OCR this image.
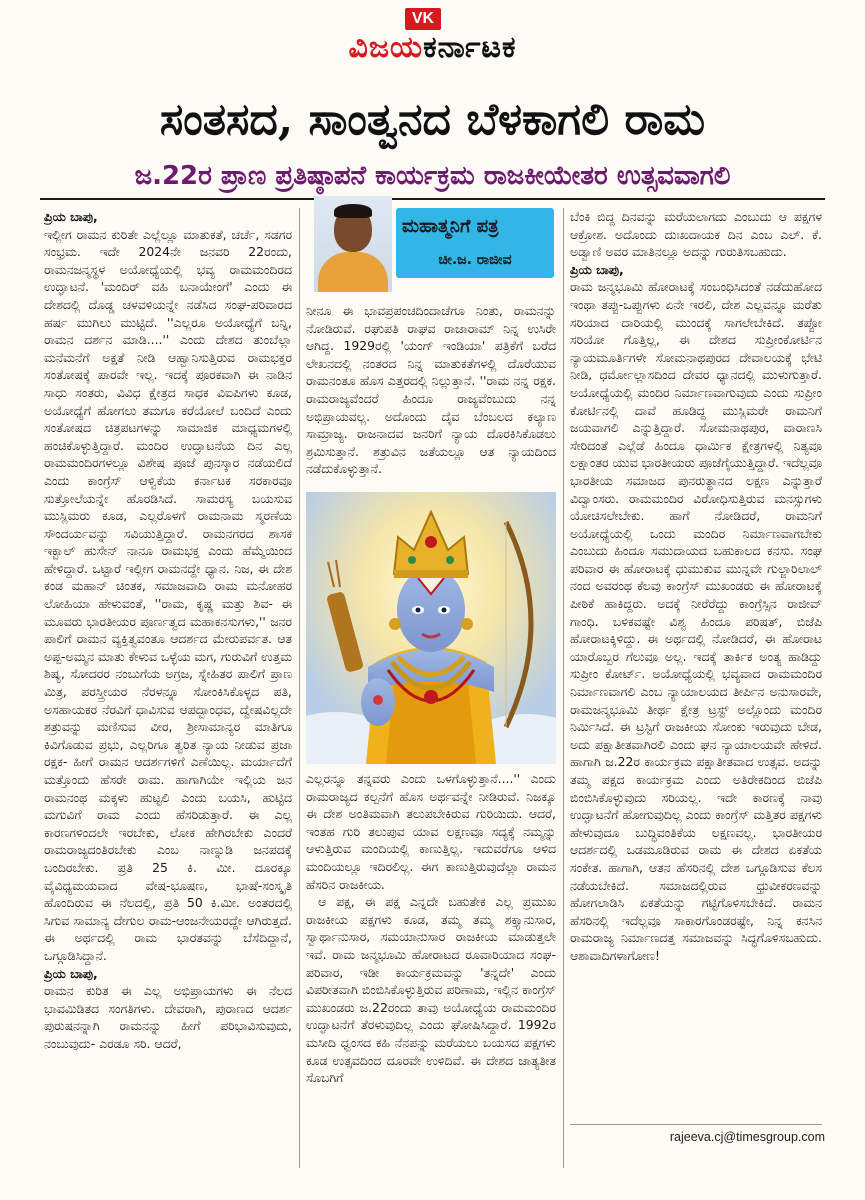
VK
ವಿಜಯಕರ್ನಾಟಕ
ಸಂತಸದ, ಸಾಂತ್ವನದ ಬೆಳಕಾಗಲಿ ರಾಮ
ಜ.22ರ ಪ್ರಾಣ ಪ್ರತಿಷ್ಠಾಪನೆ ಕಾರ್ಯಕ್ರಮ ರಾಜಕೀಯೇತರ ಉತ್ಸವವಾಗಲಿ

ಪ್ರಿಯ ಬಾಪು,

ಇಲ್ಲೀಗ ರಾಮನ ಕುರಿತೇ ಎಲ್ಲೆಲ್ಲೂ ಮಾತುಕತೆ, ಚರ್ಚೆ, ಸಡಗರ ಸಂಭ್ರಮ. ಇದೇ 2024ನೇ ಜನವರಿ 22ರಂದು, ರಾಮನಜನ್ಮಸ್ಥಳ ಅಯೋಧ್ಯೆಯಲ್ಲಿ ಭವ್ಯ ರಾಮಮಂದಿರದ ಉದ್ಘಾಟನೆ. 'ಮಂದಿರ್ ವಹಿ ಬನಾಯೇಂಗೆ' ಎಂದು ಈ ದೇಶದಲ್ಲಿ ದೊಡ್ಡ ಚಳವಳಿಯನ್ನೇ ನಡೆಸಿದ ಸಂಘ-ಪರಿವಾರದ ಹರ್ಷ ಮುಗಿಲು ಮುಟ್ಟಿದೆ. ''ಎಲ್ಲರೂ ಅಯೋಧ್ಯೆಗೆ ಬನ್ನಿ, ರಾಮನ ದರ್ಶನ ಮಾಡಿ....'' ಎಂದು ದೇಶದ ತುಂಬೆಲ್ಲಾ ಮನೆಮನೆಗೆ ಅಕ್ಷತೆ ನೀಡಿ ಆಹ್ವಾನಿಸುತ್ತಿರುವ ರಾಮಭಕ್ತರ ಸಂತೋಷಕ್ಕೆ ಪಾರವೇ ಇಲ್ಲ. ಇದಕ್ಕೆ ಪೂರಕವಾಗಿ ಈ ನಾಡಿನ ಸಾಧು ಸಂತರು, ವಿವಿಧ ಕ್ಷೇತ್ರದ ಸಾಧಕ ವಿಐಪಿಗಳು ಕೂಡ, ಅಯೋಧ್ಯೆಗೆ ಹೋಗಲು ತಮಗೂ ಕರೆಯೋಲೆ ಬಂದಿದೆ ಎಂದು ಸಂತೋಷದ ಚಿತ್ರಪಟಗಳನ್ನು ಸಾಮಾಜಿಕ ಮಾಧ್ಯಮಗಳಲ್ಲಿ ಹಂಚಿಕೊಳ್ಳುತ್ತಿದ್ದಾರೆ. ಮಂದಿರ ಉದ್ಘಾಟನೆಯ ದಿನ ಎಲ್ಲ ರಾಮಮಂದಿರಗಳಲ್ಲೂ ವಿಶೇಷ ಪೂಜೆ ಪುನಸ್ಕಾರ ನಡೆಯಲಿದೆ ಎಂದು ಕಾಂಗ್ರೆಸ್ ಆಳ್ವಿಕೆಯ ಕರ್ನಾಟಕ ಸರಕಾರವೂ ಸುತ್ತೋಲೆಯನ್ನೇ ಹೊರಡಿಸಿದೆ. ಸಾಮರಸ್ಯ ಬಯಸುವ ಮುಸ್ಲಿಮರು ಕೂಡ, ಎಲ್ಲರೊಳಗೆ ರಾಮನಾಮ ಸ್ಮರಣೆಯ ಸೌಂದರ್ಯವನ್ನು ಸವಿಯುತ್ತಿದ್ದಾರೆ. ರಾಮನಗರದ ಶಾಸಕ ಇಕ್ಬಾಲ್ ಹುಸೇನ್ ನಾನೂ ರಾಮಭಕ್ತ ಎಂದು ಹೆಮ್ಮೆಯಿಂದ ಹೇಳಿದ್ದಾರೆ. ಒಟ್ಟಾರೆ ಇಲ್ಲೀಗ ರಾಮನದ್ದೇ ಧ್ಯಾನ. ನಿಜ, ಈ ದೇಶ ಕಂಡ ಮಹಾನ್ ಚಿಂತಕ, ಸಮಾಜವಾದಿ ರಾಮ ಮನೋಹರ ಲೋಹಿಯಾ ಹೇಳುವಂತೆ, ''ರಾಮ, ಕೃಷ್ಣ ಮತ್ತು ಶಿವ- ಈ ಮೂವರು ಭಾರತೀಯರ ಪೂರ್ಣತ್ವದ ಮಹಾಕನಸುಗಳು,'' ಜನರ ಪಾಲಿಗೆ ರಾಮನ ವ್ಯಕ್ತಿತ್ವವಂತೂ ಆದರ್ಶದ ಮೇರುಪರ್ವತ. ಆತ ಅಪ್ಪ-ಅಮ್ಮನ ಮಾತು ಕೇಳುವ ಒಳ್ಳೆಯ ಮಗ, ಗುರುವಿಗೆ ಉತ್ತಮ ಶಿಷ್ಯ, ಸೋದರರ ನಂಬುಗೆಯ ಅಗ್ರಜ, ಸ್ನೇಹಿತರ ಪಾಲಿಗೆ ಪ್ರಾಣ ಮಿತ್ರ, ಪರಸ್ತ್ರೀಯರ ನೆರಳನ್ನೂ ಸೋಂಕಿಸಿಕೊಳ್ಳದ ಪತಿ, ಅಸಹಾಯಕರ ನೆರವಿಗೆ ಧಾವಿಸುವ ಆಪದ್ಬಾಂಧವ, ದ್ವೇಷವಿಲ್ಲದೇ ಶತ್ರುವನ್ನು ಮಣಿಸುವ ವೀರ, ಶ್ರೀಸಾಮಾನ್ಯರ ಮಾತಿಗೂ ಕಿವಿಗೊಡುವ ಪ್ರಭು, ಎಲ್ಲರಿಗೂ ತ್ವರಿತ ನ್ಯಾಯ ನೀಡುವ ಪ್ರಜಾ ರಕ್ಷಕ- ಹೀಗೆ ರಾಮನ ಆದರ್ಶಗಳಿಗೆ ಎಣೆಯಿಲ್ಲ. ಮರ್ಯಾದೆಗೆ ಮತ್ತೊಂದು ಹೆಸರೇ ರಾಮ. ಹಾಗಾಗಿಯೇ ಇಲ್ಲಿಯ ಜನ ರಾಮನಂಥ ಮಕ್ಕಳು ಹುಟ್ಟಲಿ ಎಂದು ಬಯಸಿ, ಹುಟ್ಟಿದ ಮಗುವಿಗೆ ರಾಮ ಎಂದು ಹೆಸರಿಡುತ್ತಾರೆ. ಈ ಎಲ್ಲ ಕಾರಣಗಳಿಂದಲೇ ಇರಬೇಕು, ಲೋಕ ಹೇಗಿರಬೇಕು ಎಂದರೆ ರಾಮರಾಜ್ಯದಂತಿರಬೇಕು ಎಂಬ ನಾಣ್ನುಡಿ ಜನಪದಕ್ಕೆ ಬಂದಿರಬೇಕು. ಪ್ರತಿ 25 ಕಿ. ಮೀ. ದೂರಕ್ಕೂ ವೈವಿಧ್ಯಮಯವಾದ ವೇಷ-ಭೂಷಣ, ಭಾಷೆ-ಸಂಸ್ಕೃತಿ ಹೊಂದಿರುವ ಈ ನೆಲದಲ್ಲಿ, ಪ್ರತಿ 50 ಕಿ.ಮೀ. ಅಂತರದಲ್ಲಿ ಸಿಗುವ ಸಾಮಾನ್ಯ ದೇಗುಲ ರಾಮ-ಆಂಜನೇಯರದ್ದೇ ಆಗಿರುತ್ತದೆ. ಈ ಅರ್ಥದಲ್ಲಿ ರಾಮ ಭಾರತವನ್ನು ಬೆಸೆದಿದ್ದಾನೆ, ಒಗ್ಗೂಡಿಸಿದ್ದಾನೆ.

ಪ್ರಿಯ ಬಾಪು,

ರಾಮನ ಕುರಿತ ಈ ಎಲ್ಲ ಅಭಿಪ್ರಾಯಗಳು ಈ ನೆಲದ ಭಾವಮಿಡಿತದ ಸಂಗತಿಗಳು. ದೇವರಾಗಿ, ಪುರಾಣದ ಆದರ್ಶ ಪುರುಷನನ್ನಾಗಿ ರಾಮನನ್ನು ಹೀಗೆ ಪರಿಭಾವಿಸುವುದು, ನಂಬುವುದು- ಎರಡೂ ಸರಿ. ಆದರೆ,

ಮಹಾತ್ಮನಿಗೆ ಪತ್ರ
ಚೀ.ಜ. ರಾಜೀವ

ನೀನೂ ಈ ಭಾವಪ್ರಪಂಚದಿಂದಾಚೆಗೂ ನಿಂತು, ರಾಮನನ್ನು ನೋಡಿರುವೆ. ರಘುಪತಿ ರಾಘವ ರಾಜಾರಾಮ್ ನಿನ್ನ ಉಸಿರೇ ಆಗಿದ್ದ. 1929ರಲ್ಲಿ 'ಯಂಗ್ ಇಂಡಿಯಾ' ಪತ್ರಿಕೆಗೆ ಬರೆದ ಲೇಖನದಲ್ಲಿ ನಂತರದ ನಿನ್ನ ಮಾತುಕತೆಗಳಲ್ಲಿ ದೊರೆಯುವ ರಾಮನಂತೂ ಹೊಸ ಎತ್ತರದಲ್ಲಿ ನಿಲ್ಲುತ್ತಾನೆ. ''ರಾಮ ನನ್ನ ರಕ್ಷಕ. ರಾಮರಾಜ್ಯವೆಂದರೆ ಹಿಂದೂ ರಾಜ್ಯವೆಂಬುದು ನನ್ನ ಅಭಿಪ್ರಾಯವಲ್ಲ. ಅದೊಂದು ದೈವ ಬೆಂಬಲದ ಕಲ್ಯಾಣ ಸಾಮ್ರಾಜ್ಯ. ರಾಜನಾದವ ಜನರಿಗೆ ನ್ಯಾಯ ದೊರಕಿಸಿಕೊಡಲು ಶ್ರಮಿಸುತ್ತಾನೆ. ಶತ್ರುವಿನ ಜತೆಯಲ್ಲೂ ಆತ ನ್ಯಾಯದಿಂದ ನಡೆದುಕೊಳ್ಳುತ್ತಾನೆ.

ಎಲ್ಲರನ್ನೂ ತನ್ನವರು ಎಂದು ಒಳಗೊಳ್ಳುತ್ತಾನೆ....'' ಎಂದು ರಾಮರಾಜ್ಯದ ಕಲ್ಪನೆಗೆ ಹೊಸ ಅರ್ಥವನ್ನೇ ನೀಡಿರುವೆ. ನಿಜಕ್ಕೂ ಈ ದೇಶ ಅಂತಿಮವಾಗಿ ತಲುಪಬೇಕಿರುವ ಗುರಿಯಿದು. ಆದರೆ, ಇಂತಹ ಗುರಿ ತಲುಪುವ ಯಾವ ಲಕ್ಷಣವೂ ಸದ್ಯಕ್ಕೆ ನಮ್ಮನ್ನು ಆಳುತ್ತಿರುವ ಮಂದಿಯಲ್ಲಿ ಕಾಣುತ್ತಿಲ್ಲ. ಇದುವರೆಗೂ ಆಳಿದ ಮಂದಿಯಲ್ಲೂ ಇದಿರಲಿಲ್ಲ. ಈಗ ಕಾಣುತ್ತಿರುವುದೆಲ್ಲಾ ರಾಮನ ಹೆಸರಿನ ರಾಜಕೀಯ.

ಆ ಪಕ್ಷ, ಈ ಪಕ್ಷ ಎನ್ನದೇ ಬಹುತೇಕ ಎಲ್ಲ ಪ್ರಮುಖ ರಾಜಕೀಯ ಪಕ್ಷಗಳು ಕೂಡ, ತಮ್ಮ ತಮ್ಮ ಶಕ್ತ್ಯಾನುಸಾರ, ಸ್ವಾರ್ಥಾನುಸಾರ, ಸಮಯಾನುಸಾರ ರಾಜಕೀಯ ಮಾಡುತ್ತಲೇ ಇವೆ. ರಾಮ ಜನ್ಮಭೂಮಿ ಹೋರಾಟದ ರೂವಾರಿಯಾದ ಸಂಘ-ಪರಿವಾರ, ಇಡೀ ಕಾರ್ಯಕ್ರಮವನ್ನು 'ತನ್ನದೇ' ಎಂದು ವಿಪರೀತವಾಗಿ ಬಿಂಬಿಸಿಕೊಳ್ಳುತ್ತಿರುವ ಪರಿಣಾಮ, ಇಲ್ಲಿನ ಕಾಂಗ್ರೆಸ್ ಮುಖಂಡರು ಜ.22ರಂದು ತಾವು ಅಯೋಧ್ಯೆಯ ರಾಮಮಂದಿರ ಉದ್ಘಾಟನೆಗೆ ತೆರಳುವುದಿಲ್ಲ ಎಂದು ಘೋಷಿಸಿದ್ದಾರೆ. 1992ರ ಮಸೀದಿ ಧ್ವಂಸದ ಕಹಿ ನೆನಪನ್ನು ಮರೆಯಲು ಬಯಸದ ಪಕ್ಷಗಳು ಕೂಡ ಉತ್ಸವದಿಂದ ದೂರವೇ ಉಳಿದಿವೆ. ಈ ದೇಶದ ಜಾತ್ಯತೀತ ಸೊಬಗಿಗೆ

ಬೆಂಕಿ ಬಿದ್ದ ದಿನವನ್ನು ಮರೆಯಲಾಗದು ಎಂಬುದು ಆ ಪಕ್ಷಗಳ ಆಕ್ರೋಶ. ಅದೊಂದು ದುಃಖದಾಯಕ ದಿನ ಎಂಬ ಎಲ್. ಕೆ. ಅಡ್ವಾಣಿ ಅವರ ಮಾತಿನಲ್ಲೂ ಅದನ್ನು ಗುರುತಿಸಬಹುದು.

ಪ್ರಿಯ ಬಾಪು,

ರಾಮ ಜನ್ಮಭೂಮಿ ಹೋರಾಟಕ್ಕೆ ಸಂಬಂಧಿಸಿದಂತೆ ನಡೆದುಹೋದ ಇಂಥಾ ತಪ್ಪು-ಒಪ್ಪುಗಳು ಏನೇ ಇರಲಿ, ದೇಶ ಎಲ್ಲವನ್ನೂ ಮರೆತು ಸರಿಯಾದ ದಾರಿಯಲ್ಲಿ ಮುಂದಕ್ಕೆ ಸಾಗಲೇಬೇಕಿದೆ. ತಪ್ಪೋ ಸರಿಯೋ ಗೊತ್ತಿಲ್ಲ, ಈ ದೇಶದ ಸುಪ್ರೀಂಕೋರ್ಟಿನ ನ್ಯಾಯಮೂರ್ತಿಗಳೇ ಸೋಮನಾಥಪುರದ ದೇವಾಲಯಕ್ಕೆ ಭೇಟಿ ನೀಡಿ, ಧರ್ಮೋಲ್ಲಾಸದಿಂದ ದೇವರ ಧ್ಯಾನದಲ್ಲಿ ಮುಳುಗುತ್ತಾರೆ. ಅಯೋಧ್ಯೆಯಲ್ಲಿ ಮಂದಿರ ನಿರ್ಮಾಣವಾಗುವುದು ಎಂದು ಸುಪ್ರೀಂ ಕೋರ್ಟಿನಲ್ಲಿ ದಾವೆ ಹೂಡಿದ್ದ ಮುಸ್ಲಿಮರೇ ರಾಮನಿಗೆ ಜಯವಾಗಲಿ ಎನ್ನುತ್ತಿದ್ದಾರೆ. ಸೋಮನಾಥಪುರ, ವಾರಾಣಸಿ ಸೇರಿದಂತೆ ಎಲ್ಲೆಡೆ ಹಿಂದೂ ಧಾರ್ಮಿಕ ಕ್ಷೇತ್ರಗಳಲ್ಲಿ ನಿತ್ಯವೂ ಲಕ್ಷಾಂತರ ಯುವ ಭಾರತೀಯರು ಪೂಜೆಗೈಯುತ್ತಿದ್ದಾರೆ. ಇದೆಲ್ಲವೂ ಭಾರತೀಯ ಸಮಾಜದ ಪುನರುತ್ಥಾನದ ಲಕ್ಷಣ ಎನ್ನುತ್ತಾರೆ ವಿದ್ವಾಂಸರು. ರಾಮಮಂದಿರ ವಿರೋಧಿಸುತ್ತಿರುವ ಮನಸ್ಸುಗಳು ಯೋಚಿಸಲೇಬೇಕು. ಹಾಗೆ ನೋಡಿದರೆ, ರಾಮನಿಗೆ ಅಯೋಧ್ಯೆಯಲ್ಲಿ ಒಂದು ಮಂದಿರ ನಿರ್ಮಾಣವಾಗಬೇಕು ಎಂಬುದು ಹಿಂದೂ ಸಮುದಾಯದ ಬಹುಕಾಲದ ಕನಸು. ಸಂಘ ಪರಿವಾರ ಈ ಹೋರಾಟಕ್ಕೆ ಧುಮುಕುವ ಮುನ್ನವೇ ಗುಲ್ಜಾರಿಲಾಲ್ ನಂದ ಅವರಂಥ ಕೆಲವು ಕಾಂಗ್ರೆಸ್ ಮುಖಂಡರು ಈ ಹೋರಾಟಕ್ಕೆ ಪೀಠಿಕೆ ಹಾಕಿದ್ದರು. ಅದಕ್ಕೆ ನೀರೆರೆದ್ದು ಕಾಂಗ್ರೆಸ್ಸಿನ ರಾಜೀವ್ ಗಾಂಧಿ. ಬಳಿಕವಷ್ಟೇ ವಿಶ್ವ ಹಿಂದೂ ಪರಿಷತ್, ಬಿಜೆಪಿ ಹೋರಾಟಕ್ಕಿಳಿದ್ದು. ಈ ಅರ್ಥದಲ್ಲಿ ನೋಡಿದರೆ, ಈ ಹೋರಾಟ ಯಾರೊಬ್ಬರ ಗೆಲುವೂ ಅಲ್ಲ. ಇದಕ್ಕೆ ತಾರ್ಕಿಕ ಅಂತ್ಯ ಹಾಡಿದ್ದು ಸುಪ್ರೀಂ ಕೋರ್ಟ್. ಅಯೋಧ್ಯೆಯಲ್ಲಿ ಭವ್ಯವಾದ ರಾಮಮಂದಿರ ನಿರ್ಮಾಣವಾಗಲಿ ಎಂಬ ನ್ಯಾಯಾಲಯದ ತೀರ್ಪಿನ ಅನುಸಾರವೇ, ರಾಮಜನ್ಮಭೂಮಿ ತೀರ್ಥ ಕ್ಷೇತ್ರ ಟ್ರಸ್ಟ್ ಅಲ್ಲೊಂದು ಮಂದಿರ ನಿರ್ಮಿಸಿದೆ. ಈ ಟ್ರಸ್ಟಿಗೆ ರಾಜಕೀಯ ಸೋಂಕು ಇರುವುದು ಬೇಡ, ಅದು ಪಕ್ಷಾತೀತವಾಗಿರಲಿ ಎಂದು ಘನ ನ್ಯಾಯಾಲಯವೇ ಹೇಳಿದೆ. ಹಾಗಾಗಿ ಜ.22ರ ಕಾರ್ಯಕ್ರಮ ಪಕ್ಷಾತೀತವಾದ ಉತ್ಸವ. ಅದನ್ನು ತಮ್ಮ ಪಕ್ಷದ ಕಾರ್ಯಕ್ರಮ ಎಂದು ಅತಿರೇಕದಿಂದ ಬಿಜೆಪಿ ಬಿಂಬಿಸಿಕೊಳ್ಳುವುದು ಸರಿಯಲ್ಲ. ಇದೇ ಕಾರಣಕ್ಕೆ ನಾವು ಉದ್ಘಾಟನೆಗೆ ಹೋಗುವುದಿಲ್ಲ ಎಂದು ಕಾಂಗ್ರೆಸ್ ಮತ್ತಿತರ ಪಕ್ಷಗಳು ಹೇಳುವುದೂ ಬುದ್ಧಿವಂತಿಕೆಯ ಲಕ್ಷಣವಲ್ಲ. ಭಾರತೀಯರ ಆದರ್ಶದಲ್ಲಿ ಒಡಮೂಡಿರುವ ರಾಮ ಈ ದೇಶದ ಏಕತೆಯ ಸಂಕೇತ. ಹಾಗಾಗಿ, ಆತನ ಹೆಸರಿನಲ್ಲಿ ದೇಶ ಒಗ್ಗೂಡಿಸುವ ಕೆಲಸ ನಡೆಯಬೇಕಿದೆ. ಸಮಾಜದಲ್ಲಿರುವ ಧ್ರುವೀಕರಣವನ್ನು ಹೋಗಲಾಡಿಸಿ ಏಕತೆಯನ್ನು ಗಟ್ಟಿಗೊಳಿಸಬೇಕಿದೆ. ರಾಮನ ಹೆಸರಿನಲ್ಲಿ ಇದೆಲ್ಲವೂ ಸಾಕಾರಗೊಂಡರಷ್ಟೇ, ನಿನ್ನ ಕನಸಿನ ರಾಮರಾಜ್ಯ ನಿರ್ಮಾಣದತ್ತ ಸಮಾಜವನ್ನು ಸಿದ್ಧಗೊಳಿಸಬಹುದು. ಆಶಾವಾದಿಗಳಾಗೋಣ!

rajeeva.cj@timesgroup.com
